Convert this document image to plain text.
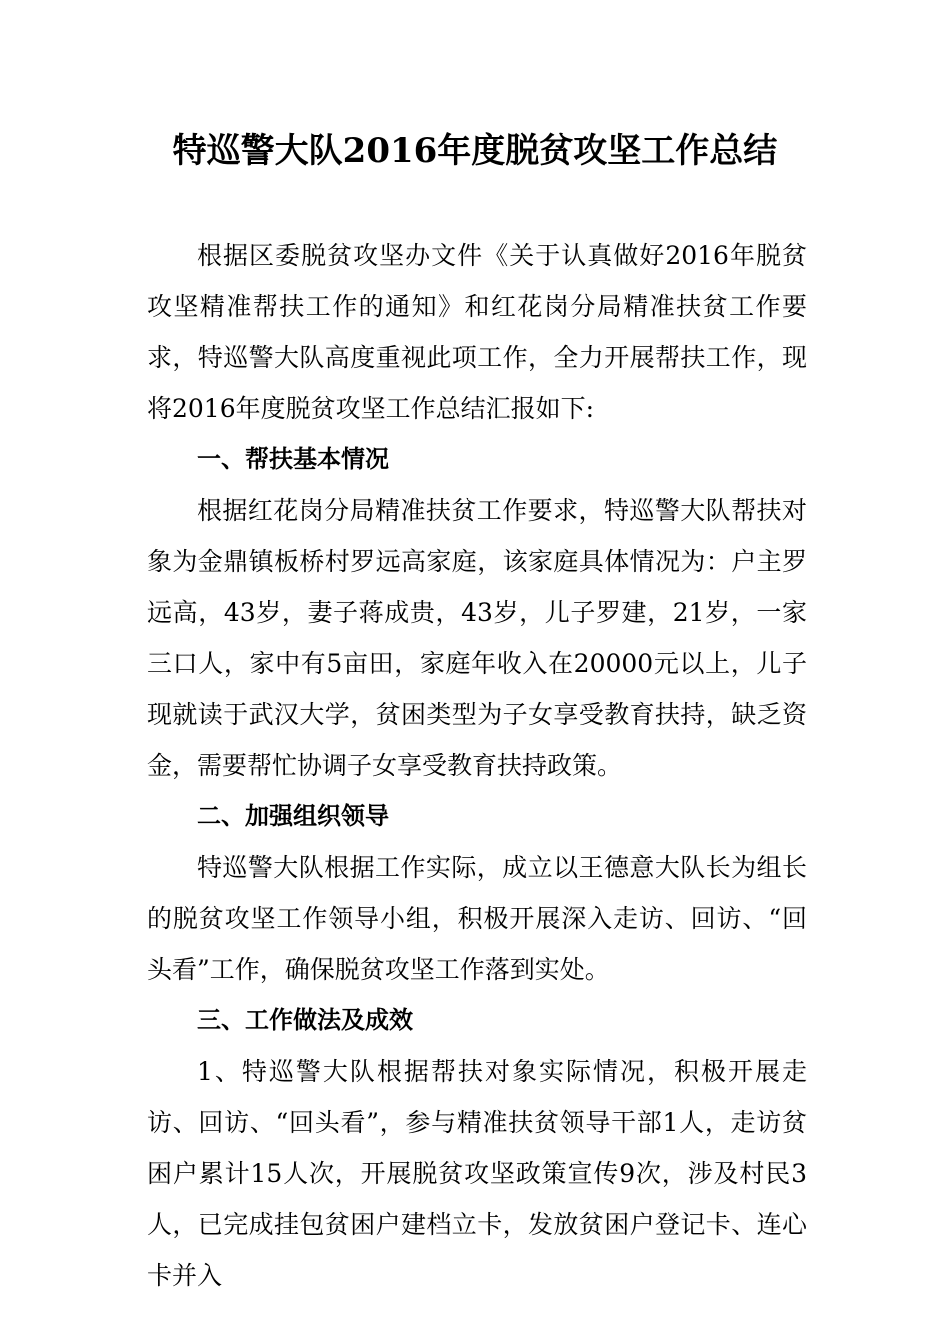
特巡警大队2016年度脱贫攻坚工作总结

根据区委脱贫攻坚办文件《关于认真做好2016年脱贫攻坚精准帮扶工作的通知》和红花岗分局精准扶贫工作要求，特巡警大队高度重视此项工作，全力开展帮扶工作，现将2016年度脱贫攻坚工作总结汇报如下:

一、帮扶基本情况

根据红花岗分局精准扶贫工作要求，特巡警大队帮扶对象为金鼎镇板桥村罗远高家庭，该家庭具体情况为：户主罗远高，43岁，妻子蒋成贵，43岁，儿子罗建，21岁，一家三口人，家中有5亩田，家庭年收入在20000元以上，儿子现就读于武汉大学，贫困类型为子女享受教育扶持，缺乏资金，需要帮忙协调子女享受教育扶持政策。

二、加强组织领导

特巡警大队根据工作实际，成立以王德意大队长为组长的脱贫攻坚工作领导小组，积极开展深入走访、回访、“回头看”工作，确保脱贫攻坚工作落到实处。

三、工作做法及成效

1、特巡警大队根据帮扶对象实际情况，积极开展走访、回访、“回头看”，参与精准扶贫领导干部1人，走访贫困户累计15人次，开展脱贫攻坚政策宣传9次，涉及村民3人，已完成挂包贫困户建档立卡，发放贫困户登记卡、连心卡并入
